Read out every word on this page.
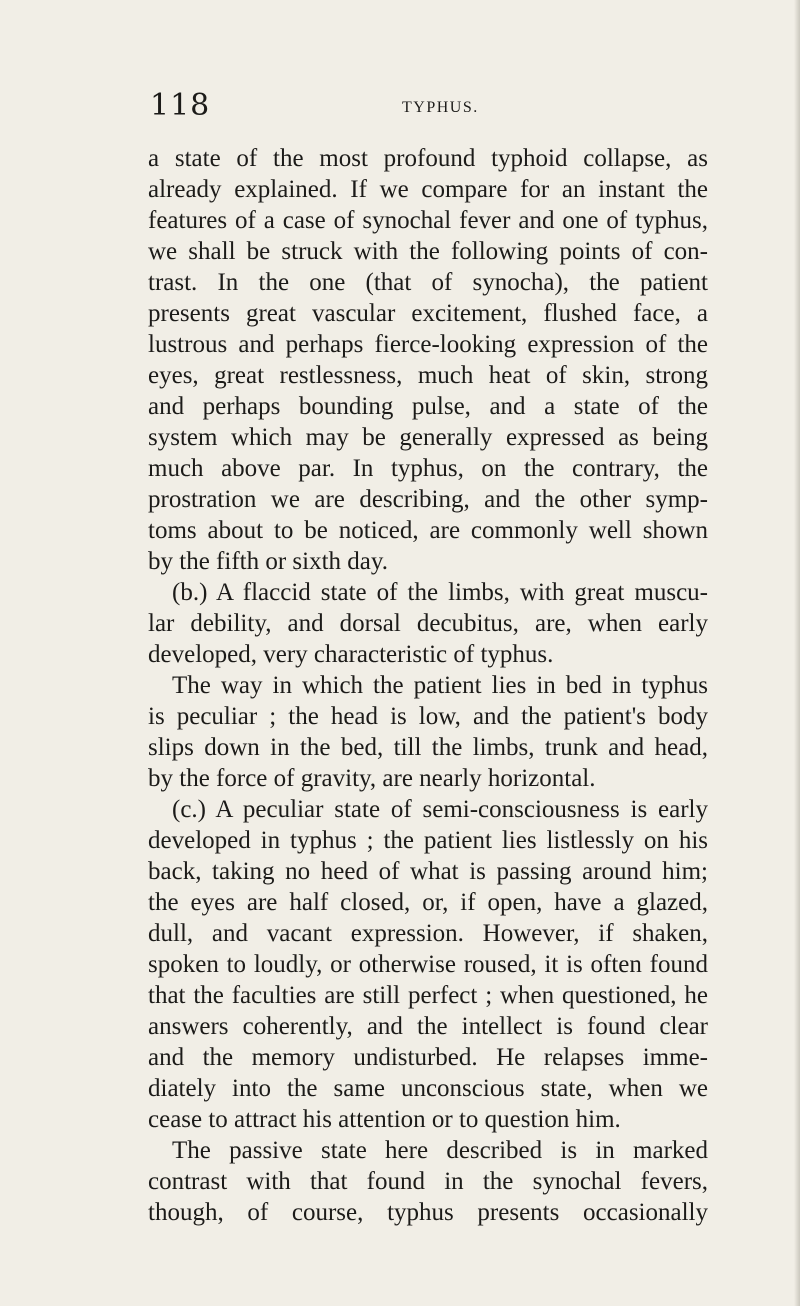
118	TYPHUS.
a state of the most profound typhoid collapse, as
already explained. If we compare for an instant the
features of a case of synochal fever and one of typhus,
we shall be struck with the following points of con-
trast. In the one (that of synocha), the patient
presents great vascular excitement, flushed face, a
lustrous and perhaps fierce-looking expression of the
eyes, great restlessness, much heat of skin, strong
and perhaps bounding pulse, and a state of the
system which may be generally expressed as being
much above par. In typhus, on the contrary, the
prostration we are describing, and the other symp-
toms about to be noticed, are commonly well shown
by the fifth or sixth day.
(b.) A flaccid state of the limbs, with great muscu-
lar debility, and dorsal decubitus, are, when early
developed, very characteristic of typhus.
The way in which the patient lies in bed in typhus
is peculiar ; the head is low, and the patient's body
slips down in the bed, till the limbs, trunk and head,
by the force of gravity, are nearly horizontal.
(c.) A peculiar state of semi-consciousness is early
developed in typhus ; the patient lies listlessly on his
back, taking no heed of what is passing around him;
the eyes are half closed, or, if open, have a glazed,
dull, and vacant expression. However, if shaken,
spoken to loudly, or otherwise roused, it is often found
that the faculties are still perfect ; when questioned, he
answers coherently, and the intellect is found clear
and the memory undisturbed. He relapses imme-
diately into the same unconscious state, when we
cease to attract his attention or to question him.
The passive state here described is in marked
contrast with that found in the synochal fevers,
though, of course, typhus presents occasionally
